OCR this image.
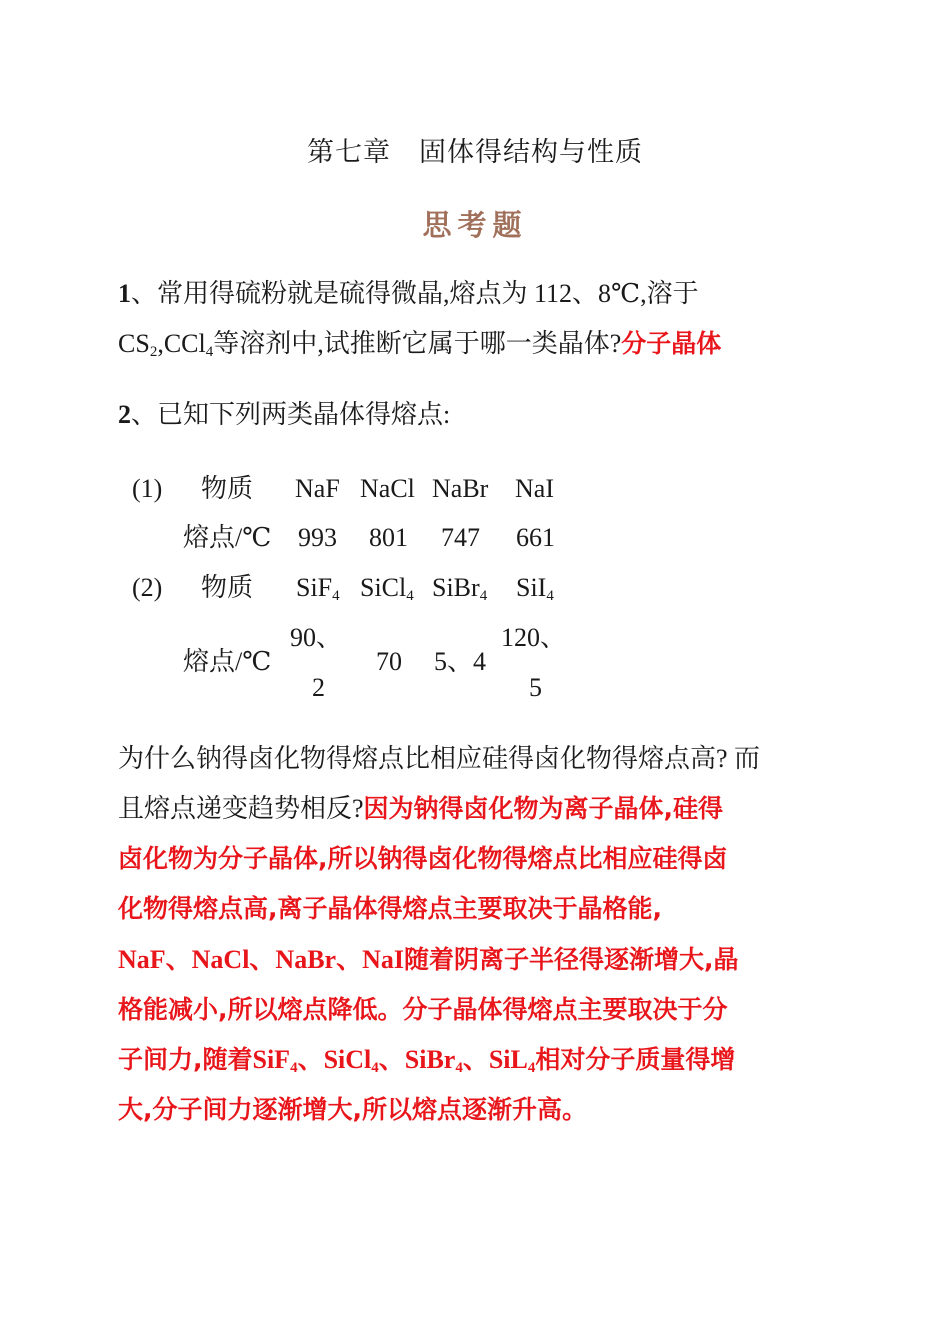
第七章　固体得结构与性质
思考题
1、常用得硫粉就是硫得微晶,熔点为 112、8℃,溶于
$CS_2,CCl_4$等溶剂中,试推断它属于哪一类晶体?分子晶体
2、已知下列两类晶体得熔点:
(1) 物质 NaF NaCl NaBr NaI
熔点/℃ 993 801 747 661
(2) 物质 SiF$_4$ SiCl$_4$ SiBr$_4$ SiI$_4$
熔点/℃
90、
2
70 5、4
120、
5
为什么钠得卤化物得熔点比相应硅得卤化物得熔点高? 而
且熔点递变趋势相反?因为钠得卤化物为离子晶体,硅得
卤化物为分子晶体,所以钠得卤化物得熔点比相应硅得卤
化物得熔点高,离子晶体得熔点主要取决于晶格能,
NaF、NaCl、NaBr、NaI随着阴离子半径得逐渐增大,晶
格能减小,所以熔点降低。分子晶体得熔点主要取决于分
子间力,随着SiF$_4$、SiCl$_4$、SiBr$_4$、SiL$_4$相对分子质量得增
大,分子间力逐渐增大,所以熔点逐渐升高。
